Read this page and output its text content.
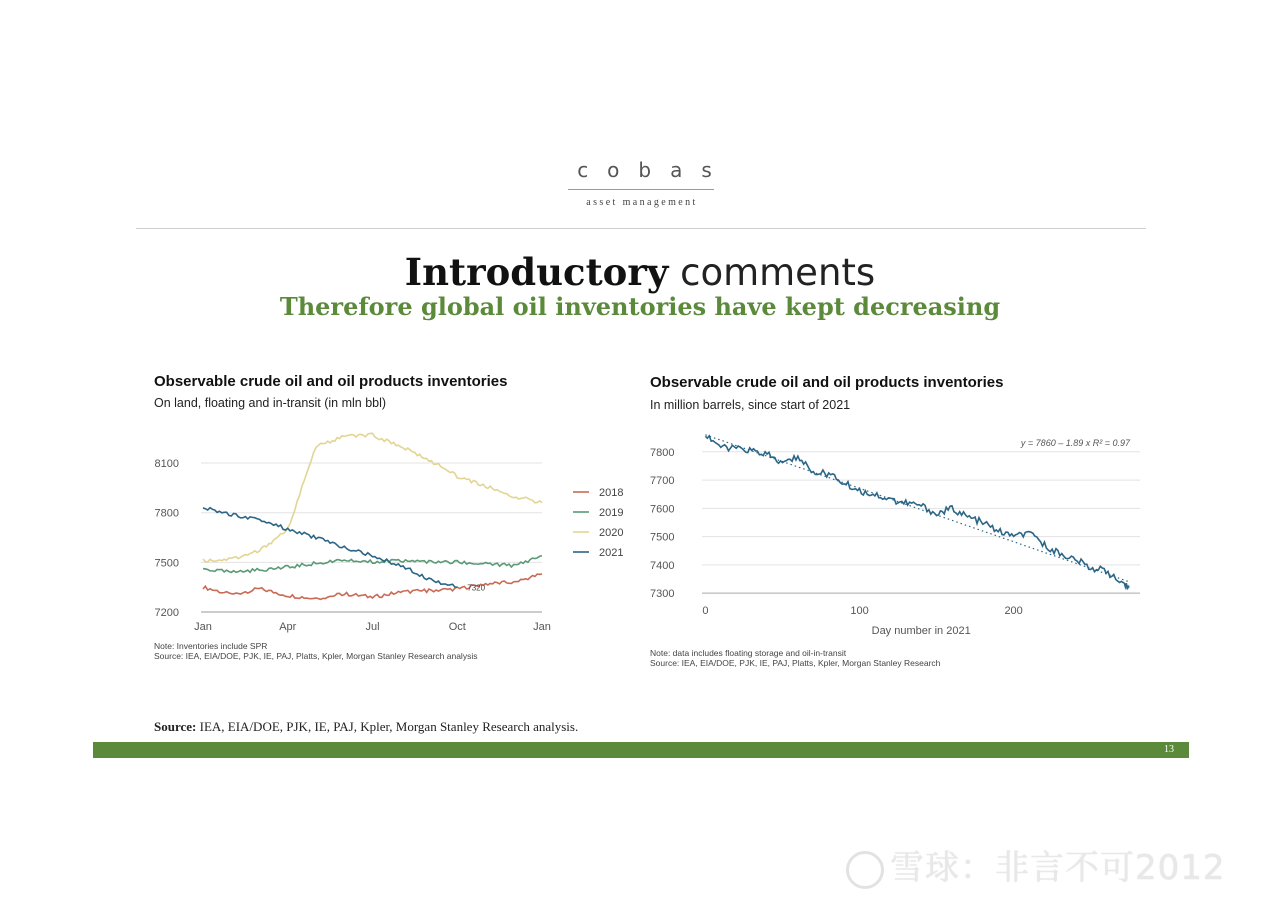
cobas
asset management
Introductory comments
Therefore global oil inventories have kept decreasing
Observable crude oil and oil products inventories
On land, floating and in-transit (in mln bbl)
7200
7500
7800
8100
Jan	Apr	Jul	Oct	Jan
7320
2018
2019
2020
2021
Note: Inventories include SPR
Source: IEA, EIA/DOE, PJK, IE, PAJ, Platts, Kpler, Morgan Stanley Research analysis
Observable crude oil and oil products inventories
In million barrels, since start of 2021
7300
7400
7500
7600
7700
7800
0	100	200
Day number in 2021
y = 7860 – 1.89 x R² = 0.97
Note: data includes floating storage and oil-in-transit
Source: IEA, EIA/DOE, PJK, IE, PAJ, Platts, Kpler, Morgan Stanley Research
Source: IEA, EIA/DOE, PJK, IE, PAJ, Kpler, Morgan Stanley Research analysis.
13
雪球：非言不可2012
